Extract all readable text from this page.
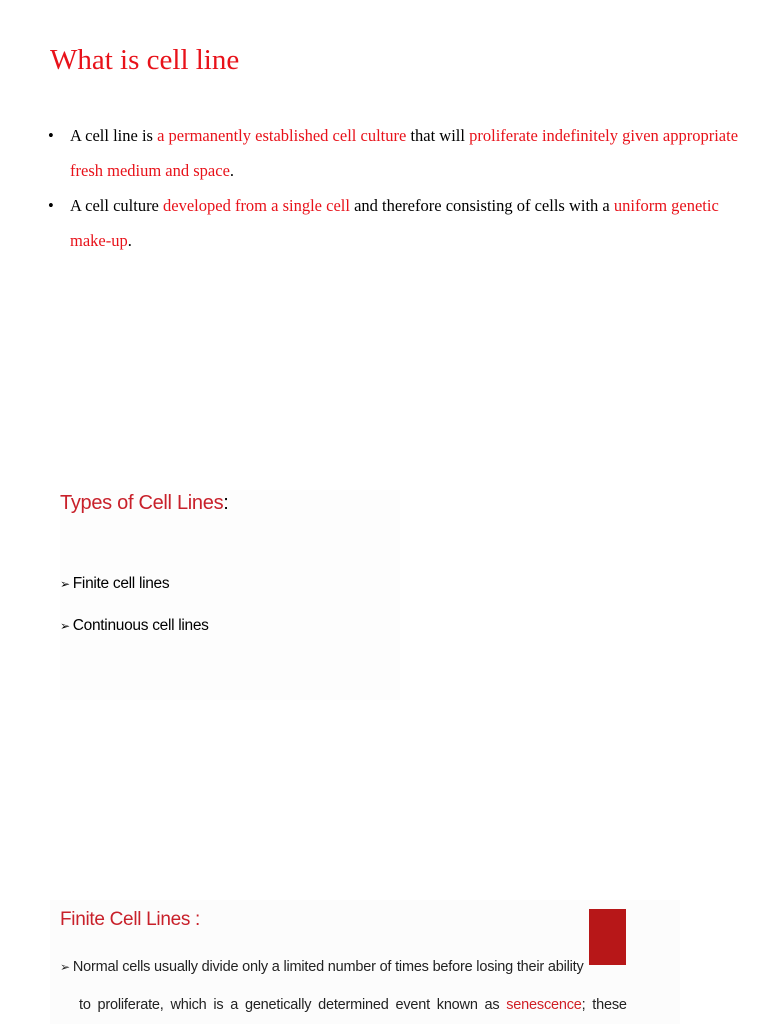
What is cell line
• A cell line is a permanently established cell culture that will proliferate indefinitely given appropriate fresh medium and space.
• A cell culture developed from a single cell and therefore consisting of cells with a uniform genetic make-up.
Types of Cell Lines:
➢ Finite cell lines
➢ Continuous cell lines
Finite Cell Lines :
➢ Normal cells usually divide only a limited number of times before losing their ability
to proliferate, which is a genetically determined event known as senescence; these
